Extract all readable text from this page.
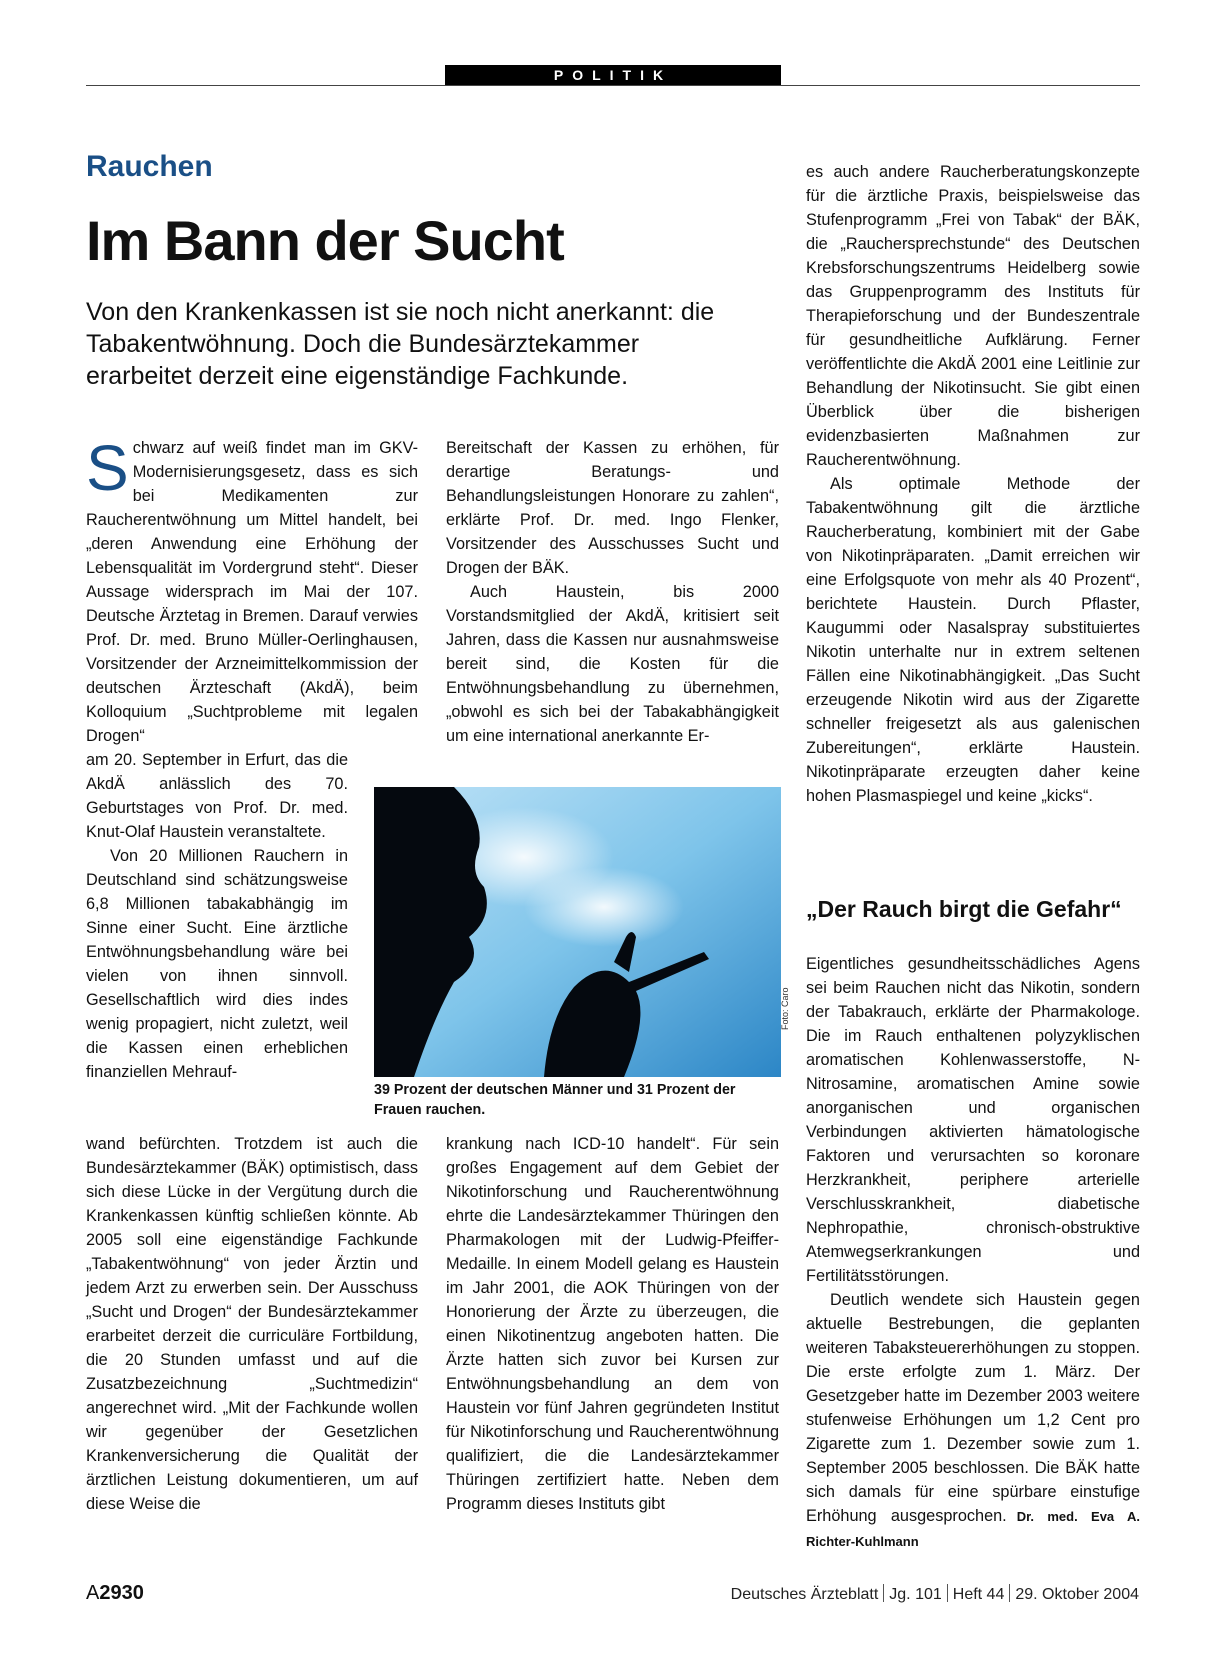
POLITIK
Rauchen
Im Bann der Sucht
Von den Krankenkassen ist sie noch nicht anerkannt: die Tabakentwöhnung. Doch die Bundesärztekammer erarbeitet derzeit eine eigenständige Fachkunde.
S chwarz auf weiß findet man im GKV-Modernisierungsgesetz, dass es sich bei Medikamenten zur Raucherentwöhnung um Mittel handelt, bei „deren Anwendung eine Erhöhung der Lebensqualität im Vordergrund steht“. Dieser Aussage widersprach im Mai der 107. Deutsche Ärztetag in Bremen. Darauf verwies Prof. Dr. med. Bruno Müller-Oerlinghausen, Vorsitzender der Arzneimittelkommission der deutschen Ärzteschaft (AkdÄ), beim Kolloquium „Suchtprobleme mit legalen Drogen“

am 20. September in Erfurt, das die AkdÄ anlässlich des 70. Geburtstages von Prof. Dr. med. Knut-Olaf Haustein veranstaltete.

Von 20 Millionen Rauchern in Deutschland sind schätzungsweise 6,8 Millionen tabakabhängig im Sinne einer Sucht. Eine ärztliche Entwöhnungsbehandlung wäre bei vielen von ihnen sinnvoll. Gesellschaftlich wird dies indes wenig propagiert, nicht zuletzt, weil die Kassen einen erheblichen finanziellen Mehrauf-

wand befürchten. Trotzdem ist auch die Bundesärztekammer (BÄK) optimistisch, dass sich diese Lücke in der Vergütung durch die Krankenkassen künftig schließen könnte. Ab 2005 soll eine eigenständige Fachkunde „Tabakentwöhnung“ von jeder Ärztin und jedem Arzt zu erwerben sein. Der Ausschuss „Sucht und Drogen“ der Bundesärztekammer erarbeitet derzeit die curriculäre Fortbildung, die 20 Stunden umfasst und auf die Zusatzbezeichnung „Suchtmedizin“ angerechnet wird. „Mit der Fachkunde wollen wir gegenüber der Gesetzlichen Krankenversicherung die Qualität der ärztlichen Leistung dokumentieren, um auf diese Weise die

Bereitschaft der Kassen zu erhöhen, für derartige Beratungs- und Behandlungsleistungen Honorare zu zahlen“, erklärte Prof. Dr. med. Ingo Flenker, Vorsitzender des Ausschusses Sucht und Drogen der BÄK.

Auch Haustein, bis 2000 Vorstandsmitglied der AkdÄ, kritisiert seit Jahren, dass die Kassen nur ausnahmsweise bereit sind, die Kosten für die Entwöhnungsbehandlung zu übernehmen, „obwohl es sich bei der Tabakabhängigkeit um eine international anerkannte Er-

Foto: Caro
39 Prozent der deutschen Männer und 31 Prozent der Frauen rauchen.

krankung nach ICD-10 handelt“. Für sein großes Engagement auf dem Gebiet der Nikotinforschung und Raucherentwöhnung ehrte die Landesärztekammer Thüringen den Pharmakologen mit der Ludwig-Pfeiffer-Medaille. In einem Modell gelang es Haustein im Jahr 2001, die AOK Thüringen von der Honorierung der Ärzte zu überzeugen, die einen Nikotinentzug angeboten hatten. Die Ärzte hatten sich zuvor bei Kursen zur Entwöhnungsbehandlung an dem von Haustein vor fünf Jahren gegründeten Institut für Nikotinforschung und Raucherentwöhnung qualifiziert, die die Landesärztekammer Thüringen zertifiziert hatte. Neben dem Programm dieses Instituts gibt

es auch andere Raucherberatungskonzepte für die ärztliche Praxis, beispielsweise das Stufenprogramm „Frei von Tabak“ der BÄK, die „Rauchersprechstunde“ des Deutschen Krebsforschungszentrums Heidelberg sowie das Gruppenprogramm des Instituts für Therapieforschung und der Bundeszentrale für gesundheitliche Aufklärung. Ferner veröffentlichte die AkdÄ 2001 eine Leitlinie zur Behandlung der Nikotinsucht. Sie gibt einen Überblick über die bisherigen evidenzbasierten Maßnahmen zur Raucherentwöhnung.

Als optimale Methode der Tabakentwöhnung gilt die ärztliche Raucherberatung, kombiniert mit der Gabe von Nikotinpräparaten. „Damit erreichen wir eine Erfolgsquote von mehr als 40 Prozent“, berichtete Haustein. Durch Pflaster, Kaugummi oder Nasalspray substituiertes Nikotin unterhalte nur in extrem seltenen Fällen eine Nikotinabhängigkeit. „Das Sucht erzeugende Nikotin wird aus der Zigarette schneller freigesetzt als aus galenischen Zubereitungen“, erklärte Haustein. Nikotinpräparate erzeugten daher keine hohen Plasmaspiegel und keine „kicks“.

„Der Rauch birgt die Gefahr“

Eigentliches gesundheitsschädliches Agens sei beim Rauchen nicht das Nikotin, sondern der Tabakrauch, erklärte der Pharmakologe. Die im Rauch enthaltenen polyzyklischen aromatischen Kohlenwasserstoffe, N-Nitrosamine, aromatischen Amine sowie anorganischen und organischen Verbindungen aktivierten hämatologische Faktoren und verursachten so koronare Herzkrankheit, periphere arterielle Verschlusskrankheit, diabetische Nephropathie, chronisch-obstruktive Atemwegserkrankungen und Fertilitätsstörungen.

Deutlich wendete sich Haustein gegen aktuelle Bestrebungen, die geplanten weiteren Tabaksteuererhöhungen zu stoppen. Die erste erfolgte zum 1. März. Der Gesetzgeber hatte im Dezember 2003 weitere stufenweise Erhöhungen um 1,2 Cent pro Zigarette zum 1. Dezember sowie zum 1. September 2005 beschlossen. Die BÄK hatte sich damals für eine spürbare einstufige Erhöhung ausgesprochen. Dr. med. Eva A. Richter-Kuhlmann

A2930	Deutsches Ärzteblatt Jg. 101 Heft 44 29. Oktober 2004
